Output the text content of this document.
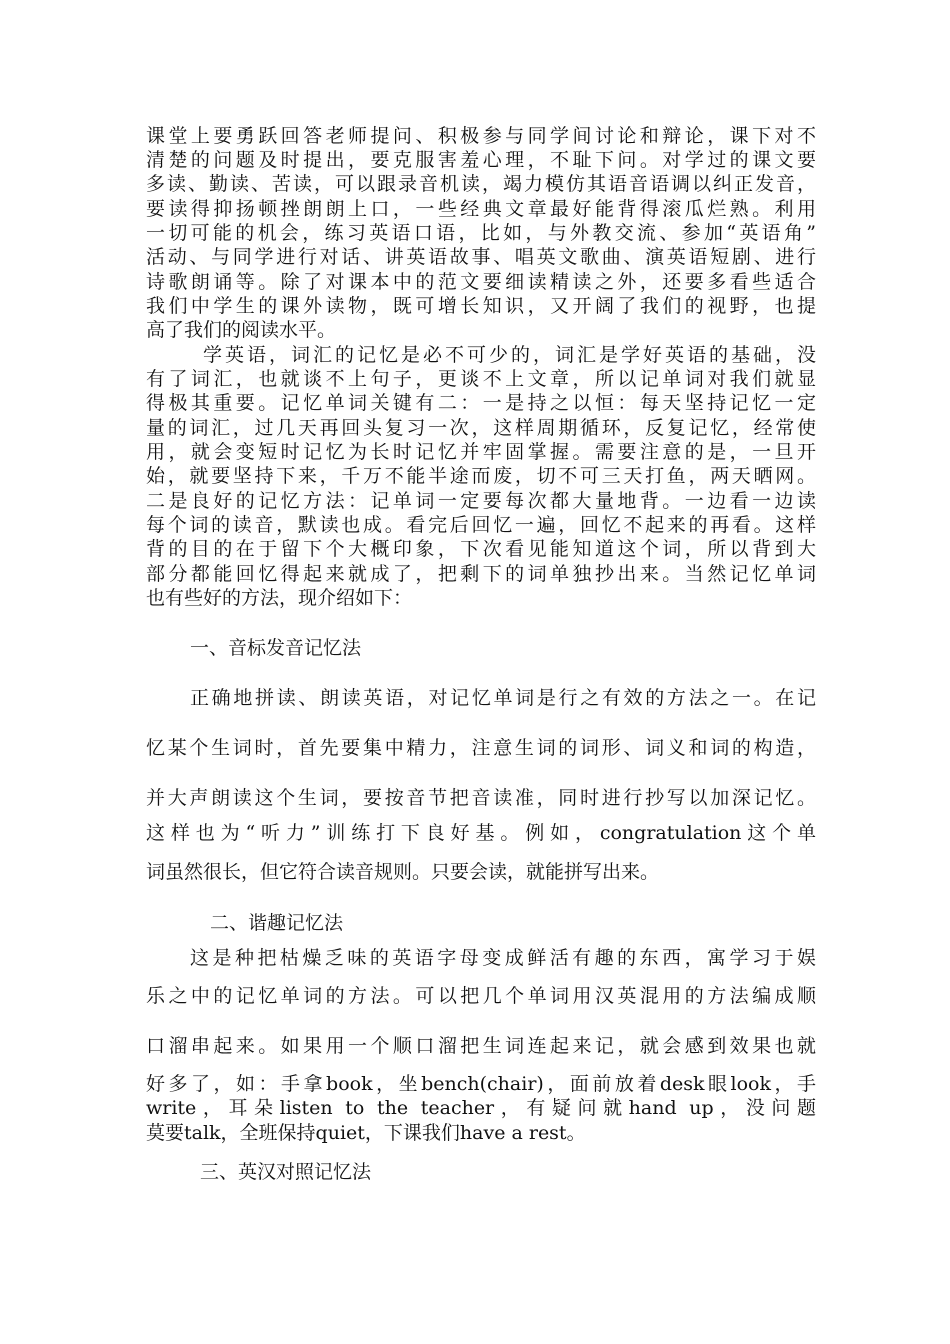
课堂上要勇跃回答老师提问、积极参与同学间讨论和辩论，课下对不
清楚的问题及时提出，要克服害羞心理，不耻下问。对学过的课文要
多读、勤读、苦读，可以跟录音机读，竭力模仿其语音语调以纠正发音，
要读得抑扬顿挫朗朗上口，一些经典文章最好能背得滚瓜烂熟。利用
一切可能的机会，练习英语口语，比如，与外教交流、参加“英语角”
活动、与同学进行对话、讲英语故事、唱英文歌曲、演英语短剧、进行
诗歌朗诵等。除了对课本中的范文要细读精读之外，还要多看些适合
我们中学生的课外读物，既可增长知识，又开阔了我们的视野，也提
高了我们的阅读水平。
学英语，词汇的记忆是必不可少的，词汇是学好英语的基础，没
有了词汇，也就谈不上句子，更谈不上文章，所以记单词对我们就显
得极其重要。记忆单词关键有二：一是持之以恒：每天坚持记忆一定
量的词汇，过几天再回头复习一次，这样周期循环，反复记忆，经常使
用，就会变短时记忆为长时记忆并牢固掌握。需要注意的是，一旦开
始，就要坚持下来，千万不能半途而废，切不可三天打鱼，两天晒网。
二是良好的记忆方法：记单词一定要每次都大量地背。一边看一边读
每个词的读音，默读也成。看完后回忆一遍，回忆不起来的再看。这样
背的目的在于留下个大概印象，下次看见能知道这个词，所以背到大
部分都能回忆得起来就成了，把剩下的词单独抄出来。当然记忆单词
也有些好的方法，现介绍如下：
一、音标发音记忆法
正确地拼读、朗读英语，对记忆单词是行之有效的方法之一。在记
忆某个生词时，首先要集中精力，注意生词的词形、词义和词的构造，
并大声朗读这个生词，要按音节把音读准，同时进行抄写以加深记忆。
这样也为“听力”训练打下良好基。例如，congratulation这个单
词虽然很长，但它符合读音规则。只要会读，就能拼写出来。
二、谐趣记忆法
这是种把枯燥乏味的英语字母变成鲜活有趣的东西，寓学习于娱
乐之中的记忆单词的方法。可以把几个单词用汉英混用的方法编成顺
口溜串起来。如果用一个顺口溜把生词连起来记，就会感到效果也就
好多了，如：手拿book，坐bench(chair)，面前放着desk眼look，手
write，耳朵listen to the teacher，有疑问就hand up，没问题
莫要talk，全班保持quiet，下课我们have a rest。
三、英汉对照记忆法
